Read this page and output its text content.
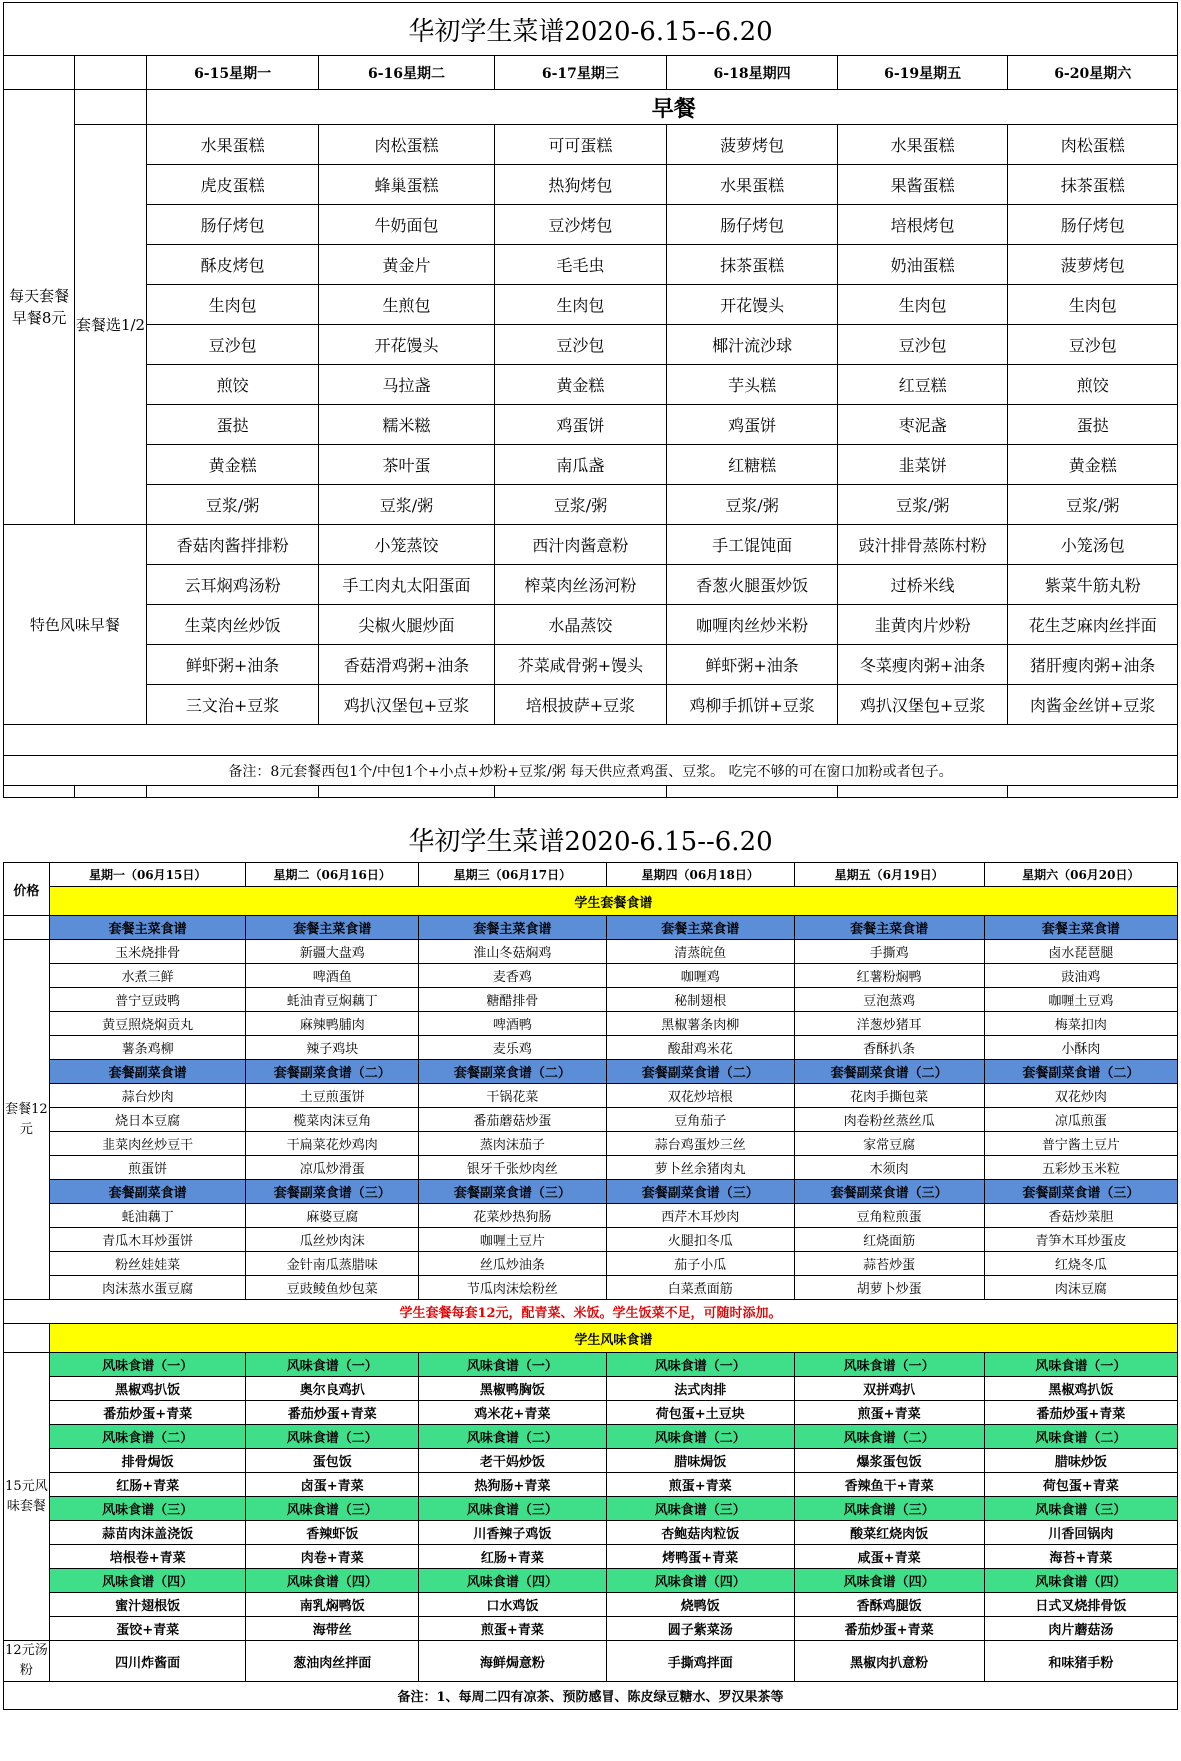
华初学生菜谱2020-6.15--6.20							
		6-15星期一	6-16星期二	6-17星期三	6-18星期四	6-19星期五	6-20星期六
每天套餐早餐8元		早餐					
	套餐选1/2	水果蛋糕	肉松蛋糕	可可蛋糕	菠萝烤包	水果蛋糕	肉松蛋糕
		虎皮蛋糕	蜂巢蛋糕	热狗烤包	水果蛋糕	果酱蛋糕	抹茶蛋糕
		肠仔烤包	牛奶面包	豆沙烤包	肠仔烤包	培根烤包	肠仔烤包
		酥皮烤包	黄金片	毛毛虫	抹茶蛋糕	奶油蛋糕	菠萝烤包
		生肉包	生煎包	生肉包	开花馒头	生肉包	生肉包
		豆沙包	开花馒头	豆沙包	椰汁流沙球	豆沙包	豆沙包
		煎饺	马拉盏	黄金糕	芋头糕	红豆糕	煎饺
		蛋挞	糯米糍	鸡蛋饼	鸡蛋饼	枣泥盏	蛋挞
		黄金糕	茶叶蛋	南瓜盏	红糖糕	韭菜饼	黄金糕
		豆浆/粥	豆浆/粥	豆浆/粥	豆浆/粥	豆浆/粥	豆浆/粥
特色风味早餐		香菇肉酱拌排粉	小笼蒸饺	西汁肉酱意粉	手工馄饨面	豉汁排骨蒸陈村粉	小笼汤包
		云耳焖鸡汤粉	手工肉丸太阳蛋面	榨菜肉丝汤河粉	香葱火腿蛋炒饭	过桥米线	紫菜牛筋丸粉
		生菜肉丝炒饭	尖椒火腿炒面	水晶蒸饺	咖喱肉丝炒米粉	韭黄肉片炒粉	花生芝麻肉丝拌面
		鲜虾粥+油条	香菇滑鸡粥+油条	芥菜咸骨粥+馒头	鲜虾粥+油条	冬菜瘦肉粥+油条	猪肝瘦肉粥+油条
		三文治+豆浆	鸡扒汉堡包+豆浆	培根披萨+豆浆	鸡柳手抓饼+豆浆	鸡扒汉堡包+豆浆	肉酱金丝饼+豆浆

备注：8元套餐西包1个/中包1个+小点+炒粉+豆浆/粥 每天供应煮鸡蛋、豆浆。 吃完不够的可在窗口加粉或者包子。							

华初学生菜谱2020-6.15--6.20
价格	星期一（06月15日）	星期二（06月16日）	星期三（06月17日）	星期四（06月18日）	星期五（6月19日）	星期六（06月20日）
	学生套餐食谱					
	套餐主菜食谱	套餐主菜食谱	套餐主菜食谱	套餐主菜食谱	套餐主菜食谱	套餐主菜食谱
套餐12元	玉米烧排骨	新疆大盘鸡	淮山冬菇焖鸡	清蒸皖鱼	手撕鸡	卤水琵琶腿
	水煮三鲜	啤酒鱼	麦香鸡	咖喱鸡	红薯粉焖鸭	豉油鸡
	普宁豆豉鸭	蚝油青豆焖藕丁	糖醋排骨	秘制翅根	豆泡蒸鸡	咖喱土豆鸡
	黄豆照烧焖贡丸	麻辣鸭脯肉	啤酒鸭	黑椒薯条肉柳	洋葱炒猪耳	梅菜扣肉
	薯条鸡柳	辣子鸡块	麦乐鸡	酸甜鸡米花	香酥扒条	小酥肉
	套餐副菜食谱	套餐副菜食谱（二）	套餐副菜食谱（二）	套餐副菜食谱（二）	套餐副菜食谱（二）	套餐副菜食谱（二）
	蒜台炒肉	土豆煎蛋饼	干锅花菜	双花炒培根	花肉手撕包菜	双花炒肉
	烧日本豆腐	榄菜肉沫豆角	番茄蘑菇炒蛋	豆角茄子	肉卷粉丝蒸丝瓜	凉瓜煎蛋
	韭菜肉丝炒豆干	干扁菜花炒鸡肉	蒸肉沫茄子	蒜台鸡蛋炒三丝	家常豆腐	普宁酱土豆片
	煎蛋饼	凉瓜炒滑蛋	银牙千张炒肉丝	萝卜丝余猪肉丸	木须肉	五彩炒玉米粒
	套餐副菜食谱	套餐副菜食谱（三）	套餐副菜食谱（三）	套餐副菜食谱（三）	套餐副菜食谱（三）	套餐副菜食谱（三）
	蚝油藕丁	麻婆豆腐	花菜炒热狗肠	西芹木耳炒肉	豆角粒煎蛋	香菇炒菜胆
	青瓜木耳炒蛋饼	瓜丝炒肉沫	咖喱土豆片	火腿扣冬瓜	红烧面筋	青笋木耳炒蛋皮
	粉丝娃娃菜	金针南瓜蒸腊味	丝瓜炒油条	茄子小瓜	蒜苔炒蛋	红烧冬瓜
	肉沫蒸水蛋豆腐	豆豉鲮鱼炒包菜	节瓜肉沫烩粉丝	白菜煮面筋	胡萝卜炒蛋	肉沫豆腐
学生套餐每套12元，配青菜、米饭。学生饭菜不足，可随时添加。						
	学生风味食谱					
15元风味套餐	风味食谱（一）	风味食谱（一）	风味食谱（一）	风味食谱（一）	风味食谱（一）	风味食谱（一）
	黑椒鸡扒饭	奥尔良鸡扒	黑椒鸭胸饭	法式肉排	双拼鸡扒	黑椒鸡扒饭
	番茄炒蛋+青菜	番茄炒蛋+青菜	鸡米花+青菜	荷包蛋+土豆块	煎蛋+青菜	番茄炒蛋+青菜
	风味食谱（二）	风味食谱（二）	风味食谱（二）	风味食谱（二）	风味食谱（二）	风味食谱（二）
	排骨焗饭	蛋包饭	老干妈炒饭	腊味焗饭	爆浆蛋包饭	腊味炒饭
	红肠+青菜	卤蛋+青菜	热狗肠+青菜	煎蛋+青菜	香辣鱼干+青菜	荷包蛋+青菜
	风味食谱（三）	风味食谱（三）	风味食谱（三）	风味食谱（三）	风味食谱（三）	风味食谱（三）
	蒜苗肉沫盖浇饭	香辣虾饭	川香辣子鸡饭	杏鲍菇肉粒饭	酸菜红烧肉饭	川香回锅肉
	培根卷+青菜	肉卷+青菜	红肠+青菜	烤鸭蛋+青菜	咸蛋+青菜	海苔+青菜
	风味食谱（四）	风味食谱（四）	风味食谱（四）	风味食谱（四）	风味食谱（四）	风味食谱（四）
	蜜汁翅根饭	南乳焖鸭饭	口水鸡饭	烧鸭饭	香酥鸡腿饭	日式叉烧排骨饭
	蛋饺+青菜	海带丝	煎蛋+青菜	圆子紫菜汤	番茄炒蛋+青菜	肉片蘑菇汤
12元汤粉	四川炸酱面	葱油肉丝拌面	海鲜焗意粉	手撕鸡拌面	黑椒肉扒意粉	和味猪手粉
备注：1、每周二四有凉茶、预防感冒、陈皮绿豆糖水、罗汉果茶等						
